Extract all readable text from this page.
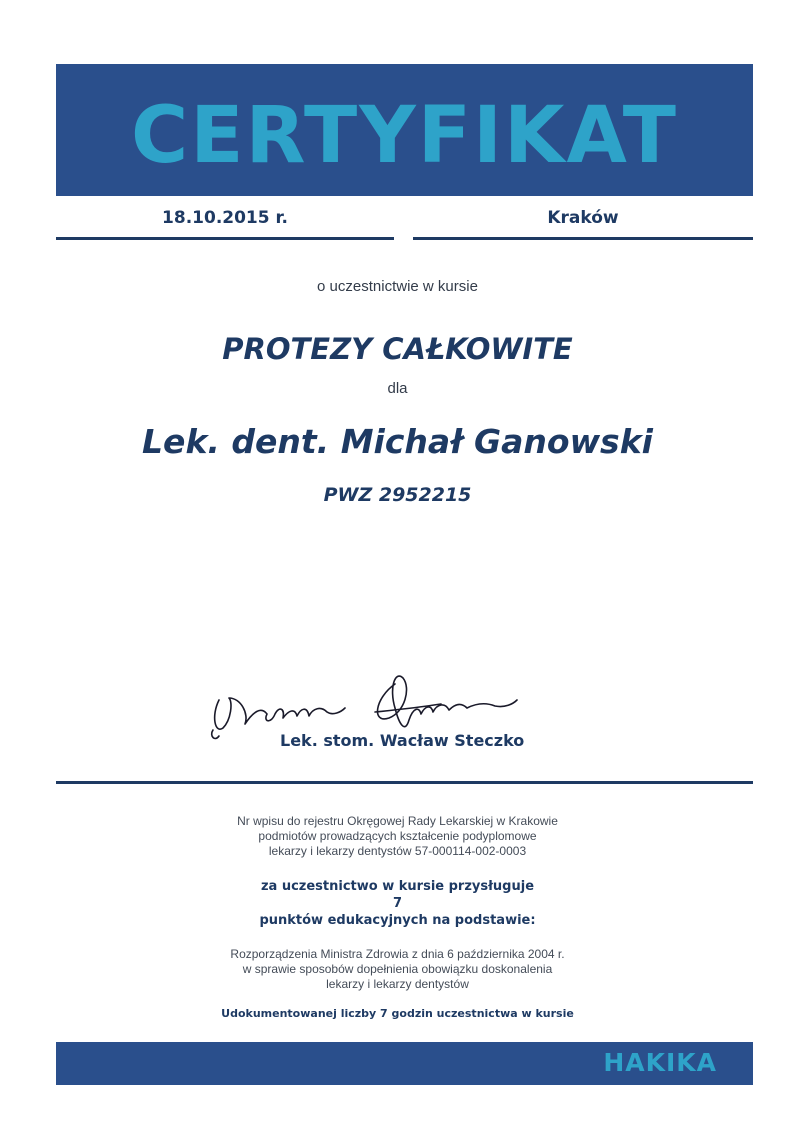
CERTYFIKAT
18.10.2015 r.	Kraków
o uczestnictwie w kursie
PROTEZY CAŁKOWITE
dla
Lek. dent. Michał Ganowski
PWZ 2952215
Lek. stom. Wacław Steczko
Nr wpisu do rejestru Okręgowej Rady Lekarskiej w Krakowie
podmiotów prowadzących kształcenie podyplomowe
lekarzy i lekarzy dentystów 57-000114-002-0003
za uczestnictwo w kursie przysługuje
7
punktów edukacyjnych na podstawie:
Rozporządzenia Ministra Zdrowia z dnia 6 października 2004 r.
w sprawie sposobów dopełnienia obowiązku doskonalenia
lekarzy i lekarzy dentystów
Udokumentowanej liczby 7 godzin uczestnictwa w kursie
HAKIKA
